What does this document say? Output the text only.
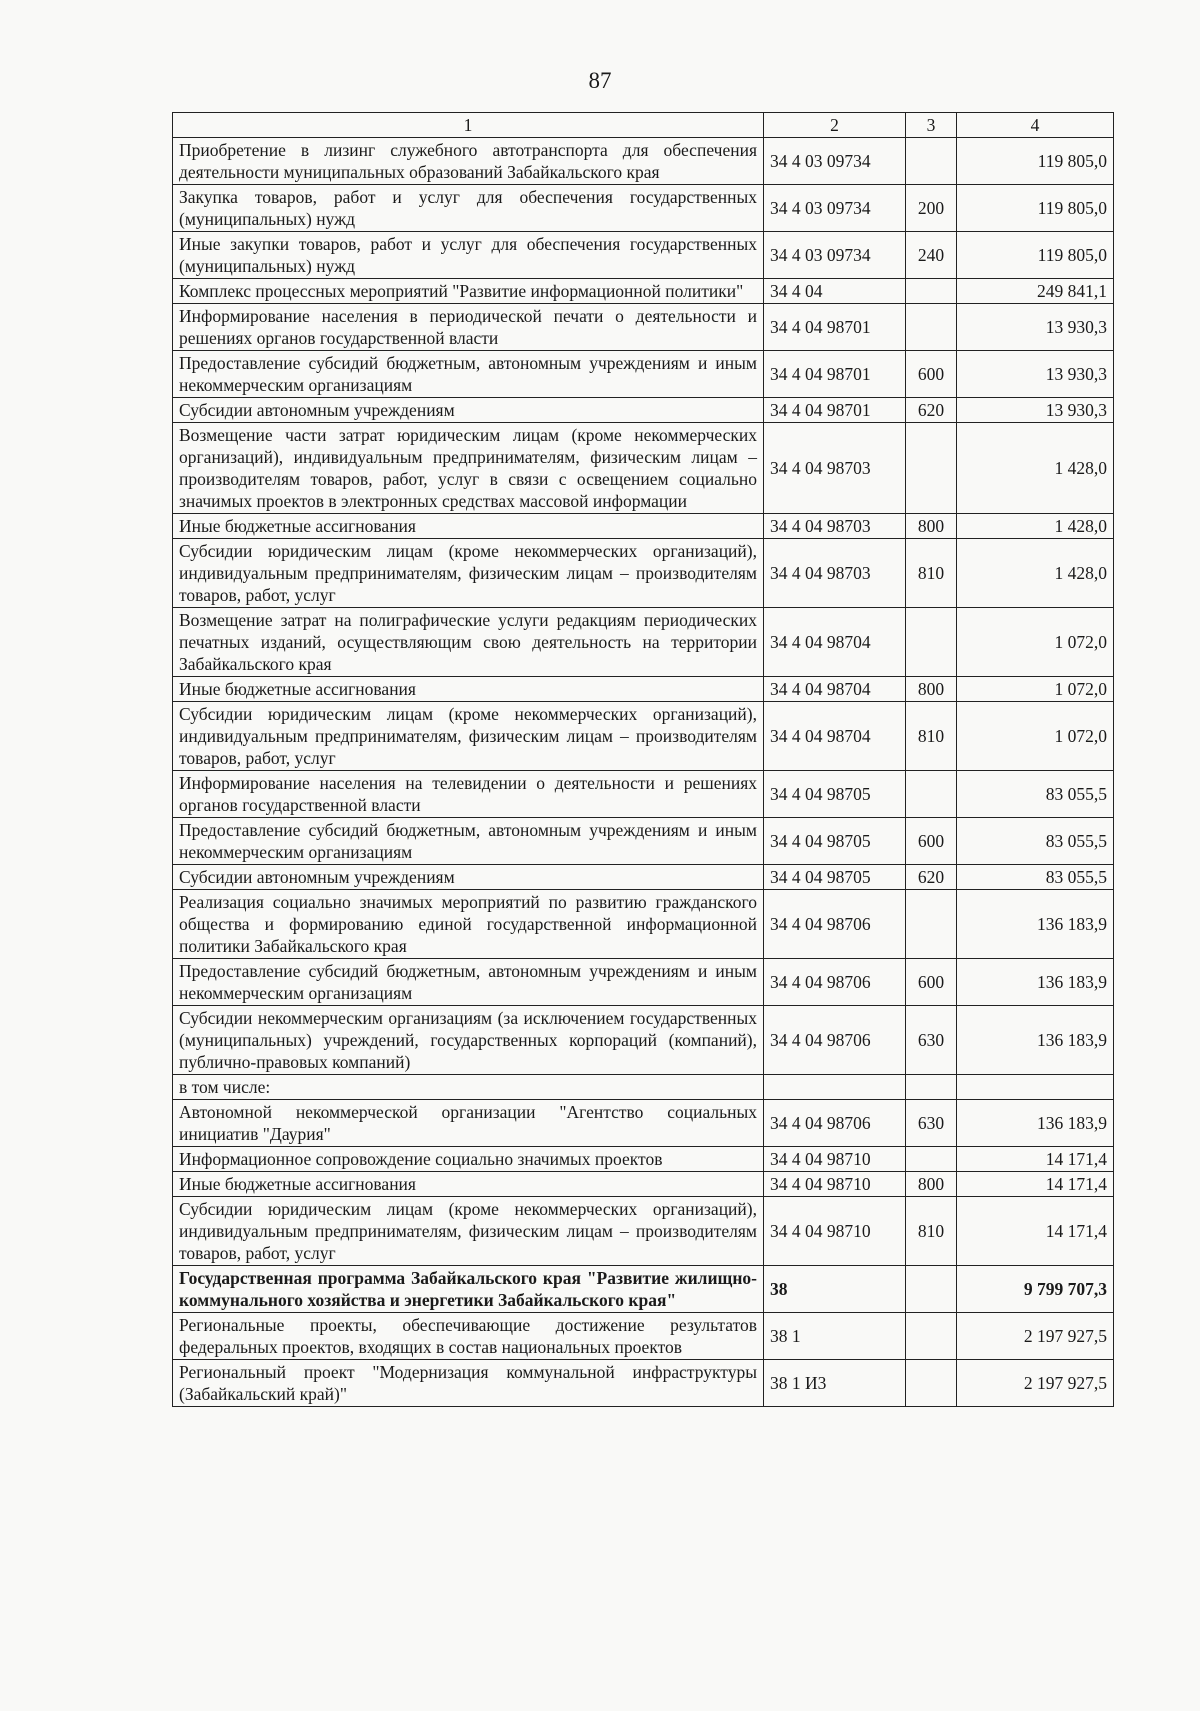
87
1	2	3	4
Приобретение в лизинг служебного автотранспорта для обеспечения деятельности муниципальных образований Забайкальского края	34 4 03 09734		119 805,0
Закупка товаров, работ и услуг для обеспечения государственных (муниципальных) нужд	34 4 03 09734	200	119 805,0
Иные закупки товаров, работ и услуг для обеспечения государственных (муниципальных) нужд	34 4 03 09734	240	119 805,0
Комплекс процессных мероприятий "Развитие информационной политики"	34 4 04		249 841,1
Информирование населения в периодической печати о деятельности и решениях органов государственной власти	34 4 04 98701		13 930,3
Предоставление субсидий бюджетным, автономным учреждениям и иным некоммерческим организациям	34 4 04 98701	600	13 930,3
Субсидии автономным учреждениям	34 4 04 98701	620	13 930,3
Возмещение части затрат юридическим лицам (кроме некоммерческих организаций), индивидуальным предпринимателям, физическим лицам – производителям товаров, работ, услуг в связи с освещением социально значимых проектов в электронных средствах массовой информации	34 4 04 98703		1 428,0
Иные бюджетные ассигнования	34 4 04 98703	800	1 428,0
Субсидии юридическим лицам (кроме некоммерческих организаций), индивидуальным предпринимателям, физическим лицам – производителям товаров, работ, услуг	34 4 04 98703	810	1 428,0
Возмещение затрат на полиграфические услуги редакциям периодических печатных изданий, осуществляющим свою деятельность на территории Забайкальского края	34 4 04 98704		1 072,0
Иные бюджетные ассигнования	34 4 04 98704	800	1 072,0
Субсидии юридическим лицам (кроме некоммерческих организаций), индивидуальным предпринимателям, физическим лицам – производителям товаров, работ, услуг	34 4 04 98704	810	1 072,0
Информирование населения на телевидении о деятельности и решениях органов государственной власти	34 4 04 98705		83 055,5
Предоставление субсидий бюджетным, автономным учреждениям и иным некоммерческим организациям	34 4 04 98705	600	83 055,5
Субсидии автономным учреждениям	34 4 04 98705	620	83 055,5
Реализация социально значимых мероприятий по развитию гражданского общества и формированию единой государственной информационной политики Забайкальского края	34 4 04 98706		136 183,9
Предоставление субсидий бюджетным, автономным учреждениям и иным некоммерческим организациям	34 4 04 98706	600	136 183,9
Субсидии некоммерческим организациям (за исключением государственных (муниципальных) учреждений, государственных корпораций (компаний), публично-правовых компаний)	34 4 04 98706	630	136 183,9
в том числе:			
Автономной некоммерческой организации "Агентство социальных инициатив "Даурия"	34 4 04 98706	630	136 183,9
Информационное сопровождение социально значимых проектов	34 4 04 98710		14 171,4
Иные бюджетные ассигнования	34 4 04 98710	800	14 171,4
Субсидии юридическим лицам (кроме некоммерческих организаций), индивидуальным предпринимателям, физическим лицам – производителям товаров, работ, услуг	34 4 04 98710	810	14 171,4
Государственная программа Забайкальского края "Развитие жилищно-коммунального хозяйства и энергетики Забайкальского края"	38		9 799 707,3
Региональные проекты, обеспечивающие достижение результатов федеральных проектов, входящих в состав национальных проектов	38 1		2 197 927,5
Региональный проект "Модернизация коммунальной инфраструктуры (Забайкальский край)"	38 1 И3		2 197 927,5
